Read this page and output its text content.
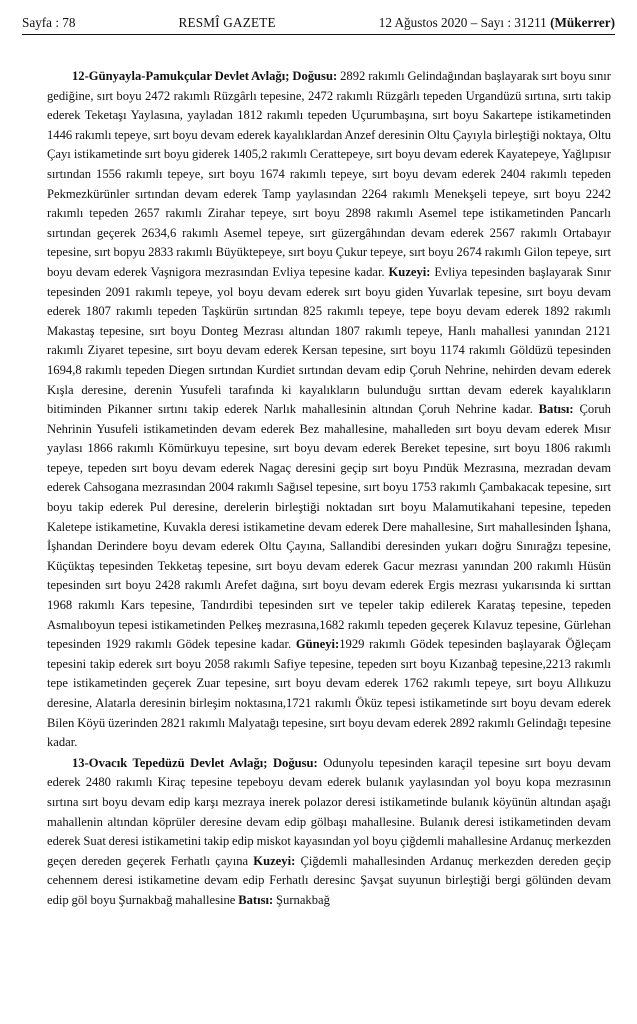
Sayfa : 78	RESMÎ GAZETE	12 Ağustos 2020 – Sayı : 31211 (Mükerrer)

12-Günyayla-Pamukçular Devlet Avlağı; Doğusu: 2892 rakımlı Gelindağından başlayarak sırt boyu sınır gediğine, sırt boyu 2472 rakımlı Rüzgârlı tepesine, 2472 rakımlı Rüzgârlı tepeden Urgandüzü sırtına, sırtı takip ederek Teketaşı Yaylasına, yayladan 1812 rakımlı tepeden Uçurumbaşına, sırt boyu Sakartepe istikametinden 1446 rakımlı tepeye, sırt boyu devam ederek kayalıklardan Anzef deresinin Oltu Çayıyla birleştiği noktaya, Oltu Çayı istikametinde sırt boyu giderek 1405,2 rakımlı Cerattepeye, sırt boyu devam ederek Kayatepeye, Yağlıpısır sırtından 1556 rakımlı tepeye, sırt boyu 1674 rakımlı tepeye, sırt boyu devam ederek 2404 rakımlı tepeden Pekmezkürünler sırtından devam ederek Tamp yaylasından 2264 rakımlı Menekşeli tepeye, sırt boyu 2242 rakımlı tepeden 2657 rakımlı Zirahar tepeye, sırt boyu 2898 rakımlı Asemel tepe istikametinden Pancarlı sırtından geçerek 2634,6 rakımlı Asemel tepeye, sırt güzergâhından devam ederek 2567 rakımlı Ortabayır tepesine, sırt bopyu 2833 rakımlı Büyüktepeye, sırt boyu Çukur tepeye, sırt boyu 2674 rakımlı Gilon tepeye, sırt boyu devam ederek Vaşnigora mezrasından Evliya tepesine kadar. Kuzeyi: Evliya tepesinden başlayarak Sınır tepesinden 2091 rakımlı tepeye, yol boyu devam ederek sırt boyu giden Yuvarlak tepesine, sırt boyu devam ederek 1807 rakımlı tepeden Taşkürün sırtından 825 rakımlı tepeye, tepe boyu devam ederek 1892 rakımlı Makastaş tepesine, sırt boyu Donteg Mezrası altından 1807 rakımlı tepeye, Hanlı mahallesi yanından 2121 rakımlı Ziyaret tepesine, sırt boyu devam ederek Kersan tepesine, sırt boyu 1174 rakımlı Göldüzü tepesinden 1694,8 rakımlı tepeden Diegen sırtından Kurdiet sırtından devam edip Çoruh Nehrine, nehirden devam ederek Kışla deresine, derenin Yusufeli tarafında ki kayalıkların bulunduğu sırttan devam ederek kayalıkların bitiminden Pikanner sırtını takip ederek Narlık mahallesinin altından Çoruh Nehrine kadar. Batısı: Çoruh Nehrinin Yusufeli istikametinden devam ederek Bez mahallesine, mahalleden sırt boyu devam ederek Mısır yaylası 1866 rakımlı Kömürkuyu tepesine, sırt boyu devam ederek Bereket tepesine, sırt boyu 1806 rakımlı tepeye, tepeden sırt boyu devam ederek Nagaç deresini geçip sırt boyu Pındük Mezrasına, mezradan devam ederek Cahsogana mezrasından 2004 rakımlı Sağısel tepesine, sırt boyu 1753 rakımlı Çambakacak tepesine, sırt boyu takip ederek Pul deresine, derelerin birleştiği noktadan sırt boyu Malamutikahani tepesine, tepeden Kaletepe istikametine, Kuvakla deresi istikametine devam ederek Dere mahallesine, Sırt mahallesinden İşhana, İşhandan Derindere boyu devam ederek Oltu Çayına, Sallandibi deresinden yukarı doğru Sınırağzı tepesine, Küçüktaş tepesinden Tekketaş tepesine, sırt boyu devam ederek Gacur mezrası yanından 200 rakımlı Hüsün tepesinden sırt boyu 2428 rakımlı Arefet dağına, sırt boyu devam ederek Ergis mezrası yukarısında ki sırttan 1968 rakımlı Kars tepesine, Tandırdibi tepesinden sırt ve tepeler takip edilerek Karataş tepesine, tepeden Asmalıboyun tepesi istikametinden Pelkeş mezrasına,1682 rakımlı tepeden geçerek Kılavuz tepesine, Gürlehan tepesinden 1929 rakımlı Gödek tepesine kadar. Güneyi:1929 rakımlı Gödek tepesinden başlayarak Öğleçam tepesini takip ederek sırt boyu 2058 rakımlı Safiye tepesine, tepeden sırt boyu Kızanbağ tepesine,2213 rakımlı tepe istikametinden geçerek Zuar tepesine, sırt boyu devam ederek 1762 rakımlı tepeye, sırt boyu Allıkuzu deresine, Alatarla deresinin birleşim noktasına,1721 rakımlı Öküz tepesi istikametinde sırt boyu devam ederek Bilen Köyü üzerinden 2821 rakımlı Malyatağı tepesine, sırt boyu devam ederek 2892 rakımlı Gelindağı tepesine kadar.

13-Ovacık Tepedüzü Devlet Avlağı; Doğusu: Odunyolu tepesinden karaçil tepesine sırt boyu devam ederek 2480 rakımlı Kiraç tepesine tepeboyu devam ederek bulanık yaylasından yol boyu kopa mezrasının sırtına sırt boyu devam edip karşı mezraya inerek polazor deresi istikametinde bulanık köyünün altından aşağı mahallenin altından köprüler deresine devam edip gölbaşı mahallesine. Bulanık deresi istikametinden devam ederek Suat deresi istikametini takip edip miskot kayasından yol boyu çiğdemli mahallesine Ardanuç merkezden geçen dereden geçerek Ferhatlı çayına Kuzeyi: Çiğdemli mahallesinden Ardanuç merkezden dereden geçip cehennem deresi istikametine devam edip Ferhatlı deresinc Şavşat suyunun birleştiği bergi gölünden devam edip göl boyu Şurnakbağ mahallesine Batısı: Şurnakbağ
